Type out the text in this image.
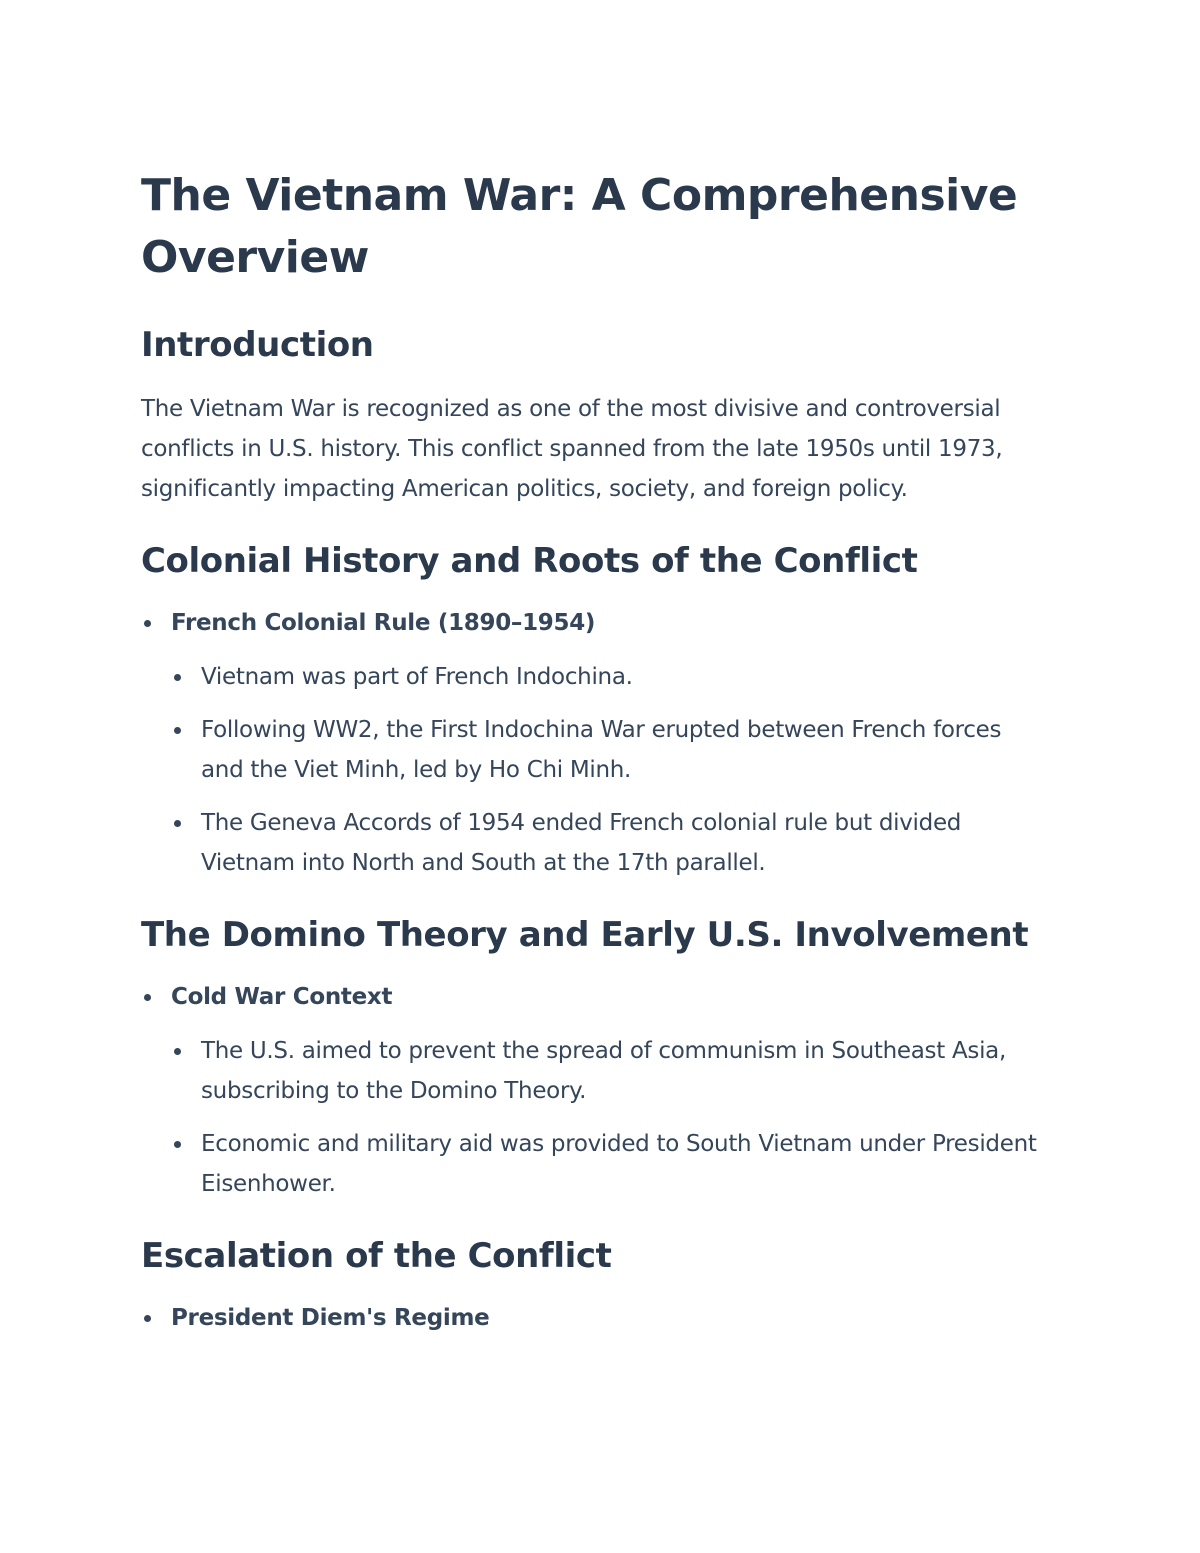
The Vietnam War: A Comprehensive Overview
Introduction

The Vietnam War is recognized as one of the most divisive and controversial conflicts in U.S. history. This conflict spanned from the late 1950s until 1973, significantly impacting American politics, society, and foreign policy.

Colonial History and Roots of the Conflict
French Colonial Rule (1890–1954)
Vietnam was part of French Indochina.
Following WW2, the First Indochina War erupted between French forces and the Viet Minh, led by Ho Chi Minh.
The Geneva Accords of 1954 ended French colonial rule but divided Vietnam into North and South at the 17th parallel.
The Domino Theory and Early U.S. Involvement
Cold War Context
The U.S. aimed to prevent the spread of communism in Southeast Asia, subscribing to the Domino Theory.
Economic and military aid was provided to South Vietnam under President Eisenhower.
Escalation of the Conflict
President Diem's Regime
